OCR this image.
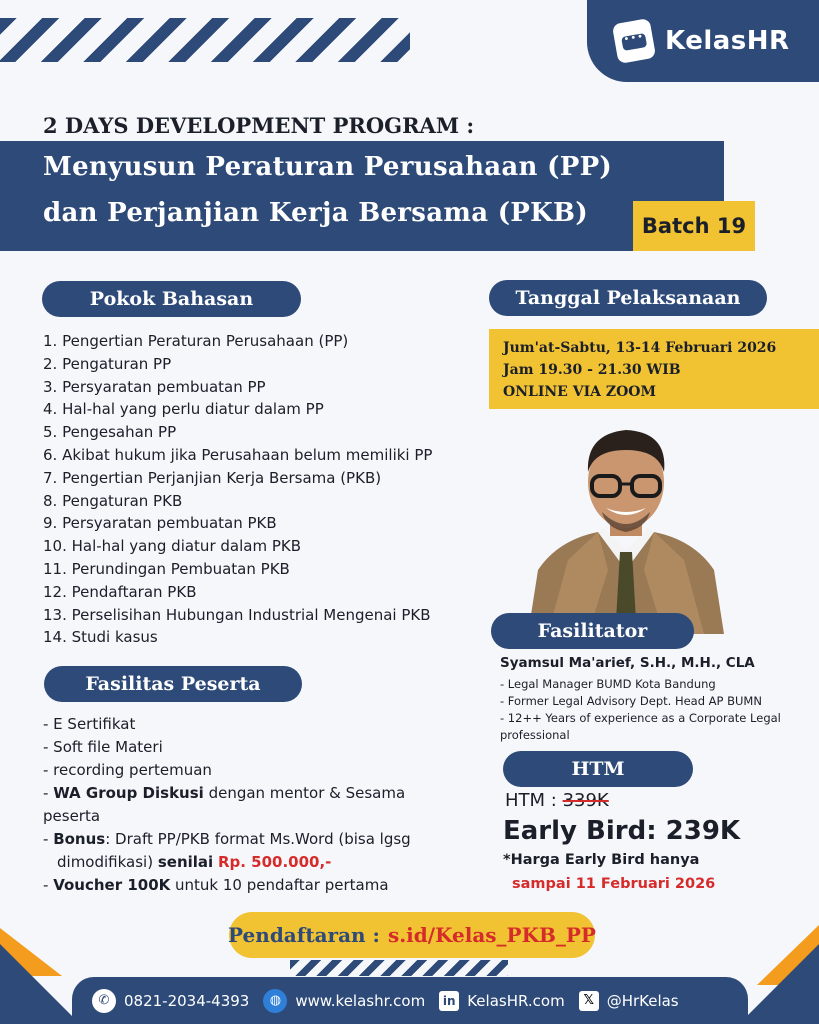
•••
KelasHR
2 DAYS DEVELOPMENT PROGRAM :
Menyusun Peraturan Perusahaan (PP)
dan Perjanjian Kerja Bersama (PKB)	Batch 19
Pokok Bahasan
1. Pengertian Peraturan Perusahaan (PP)
2. Pengaturan PP
3. Persyaratan pembuatan PP
4. Hal-hal yang perlu diatur dalam PP
5. Pengesahan PP
6. Akibat hukum jika Perusahaan belum memiliki PP
7. Pengertian Perjanjian Kerja Bersama (PKB)
8. Pengaturan PKB
9. Persyaratan pembuatan PKB
10. Hal-hal yang diatur dalam PKB
11. Perundingan Pembuatan PKB
12. Pendaftaran PKB
13. Perselisihan Hubungan Industrial Mengenai PKB
14. Studi kasus
Fasilitas Peserta
- E Sertifikat
- Soft file Materi
- recording pertemuan
- WA Group Diskusi dengan mentor & Sesama peserta
- Bonus: Draft PP/PKB format Ms.Word (bisa lgsg dimodifikasi) senilai Rp. 500.000,-
- Voucher 100K untuk 10 pendaftar pertama
Tanggal Pelaksanaan
Jum'at-Sabtu, 13-14 Februari 2026
Jam 19.30 - 21.30 WIB
ONLINE VIA ZOOM
Fasilitator
Syamsul Ma'arief, S.H., M.H., CLA
- Legal Manager BUMD Kota Bandung
- Former Legal Advisory Dept. Head AP BUMN
- 12++ Years of experience as a Corporate Legal professional
HTM
HTM : 339K
Early Bird: 239K
*Harga Early Bird hanya
sampai 11 Februari 2026
Pendaftaran : s.id/Kelas_PKB_PP
✆ 0821-2034-4393	◍ www.kelashr.com	in KelasHR.com	𝕏 @HrKelas
